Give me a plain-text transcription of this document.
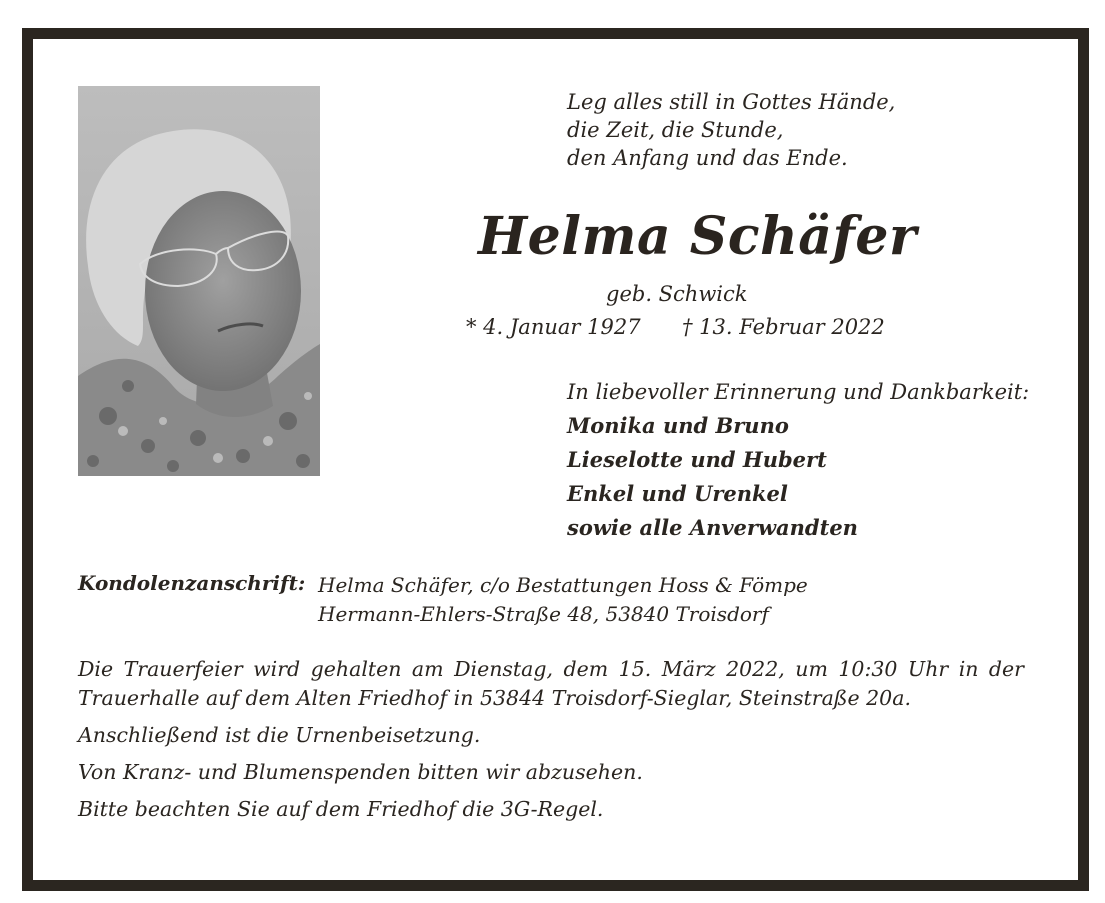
Leg alles still in Gottes Hände,
die Zeit, die Stunde,
den Anfang und das Ende.
Helma Schäfer
geb. Schwick
* 4. Januar 1927 † 13. Februar 2022
In liebevoller Erinnerung und Dankbarkeit:
Monika und Bruno
Lieselotte und Hubert
Enkel und Urenkel
sowie alle Anverwandten
Kondolenzanschrift: Helma Schäfer, c/o Bestattungen Hoss & Fömpe
Hermann-Ehlers-Straße 48, 53840 Troisdorf

Die Trauerfeier wird gehalten am Dienstag, dem 15. März 2022, um 10:30 Uhr in der Trauerhalle auf dem Alten Friedhof in 53844 Troisdorf-Sieglar, Steinstraße 20a.

Anschließend ist die Urnenbeisetzung.

Von Kranz- und Blumenspenden bitten wir abzusehen.

Bitte beachten Sie auf dem Friedhof die 3G-Regel.
